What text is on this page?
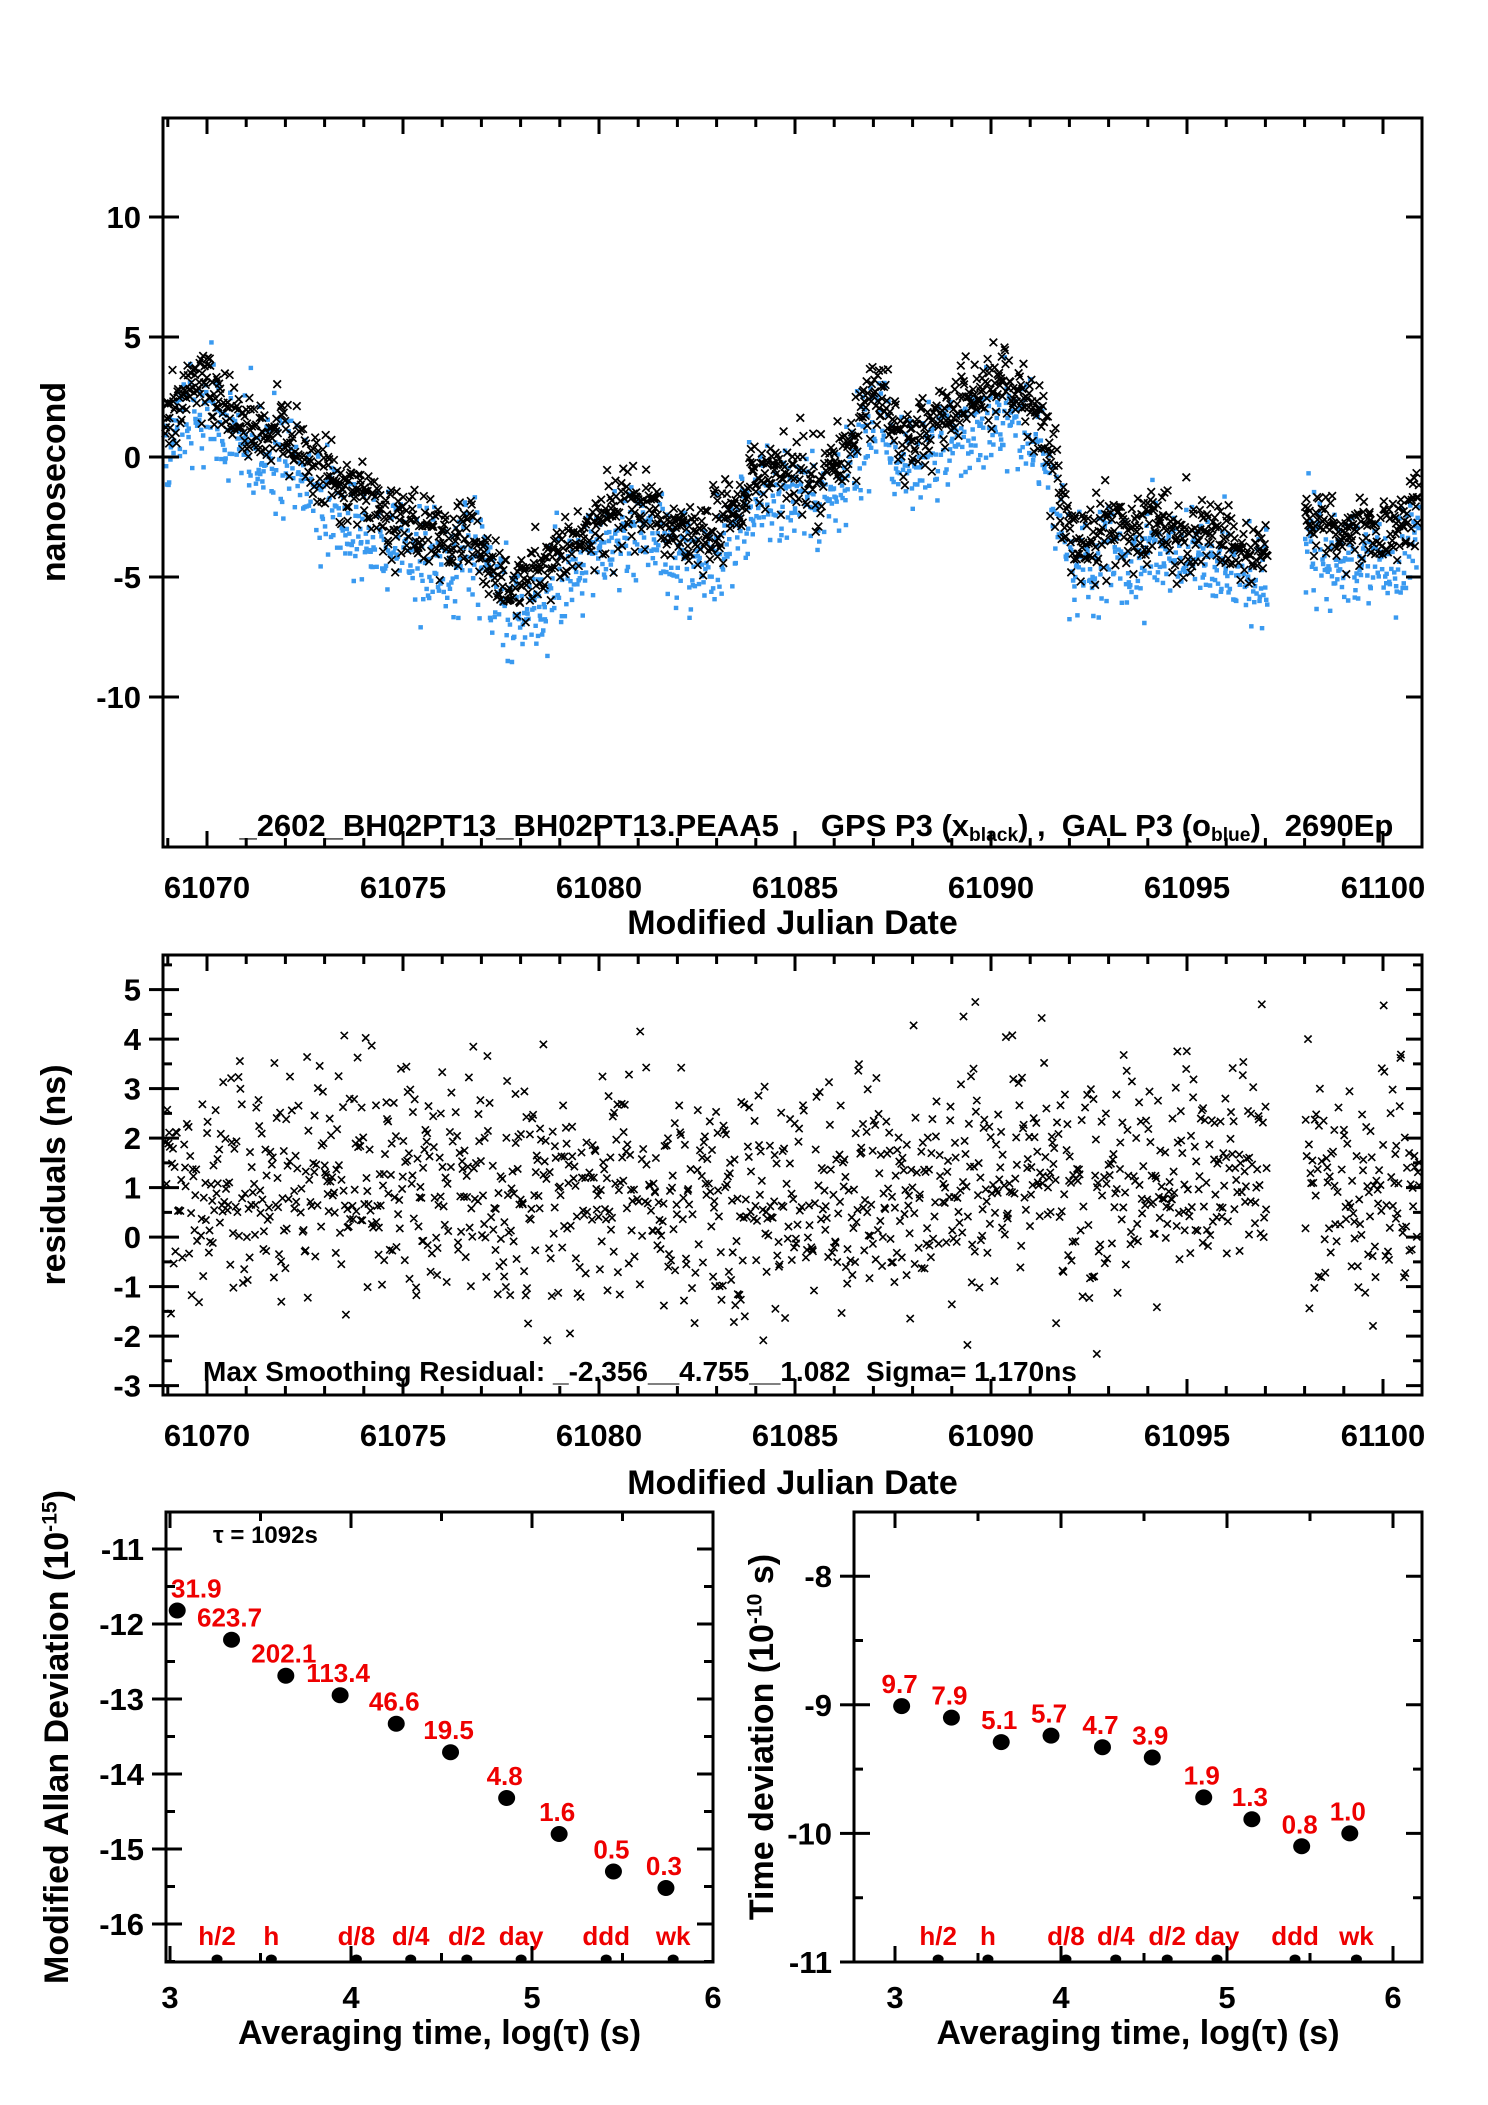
10
5
0
-5
-10
61070	61075	61080	61085	61090	61095	61100
5
4
3
2
1
0
-1
-2
-3
61070	61075	61080	61085	61090	61095	61100
h/2 h d/8 d/4 d/2 day ddd wk
-11
-12
-13
-14
-15
-16
3	4	5	6
31.9
623.7
202.1
113.4
46.6
19.5
4.8
1.6
0.5
0.3
h/2 h d/8 d/4 d/2 day ddd wk
-8
-9
-10
-11
3	4	5	6
9.7 7.9
5.1 5.7 4.7 3.9
1.9
1.3
0.8 1.0
nanosecond

_2602_BH02PT13_BH02PT13.PEAA5 GPS P3 $(x_{black})$ , GAL P3 $(o_{blue})$ 2690Ep

Modified Julian Date
residuals (ns)
Max Smoothing Residual: _-2.356__4.755__1.082  Sigma= 1.170ns
Modified Julian Date
Modified Allan Deviation $(10^{-15})$
τ = 1092s
Averaging time, log(τ) (s)
Time deviation ($10^{-10}$ s)
Averaging time, log(τ) (s)
